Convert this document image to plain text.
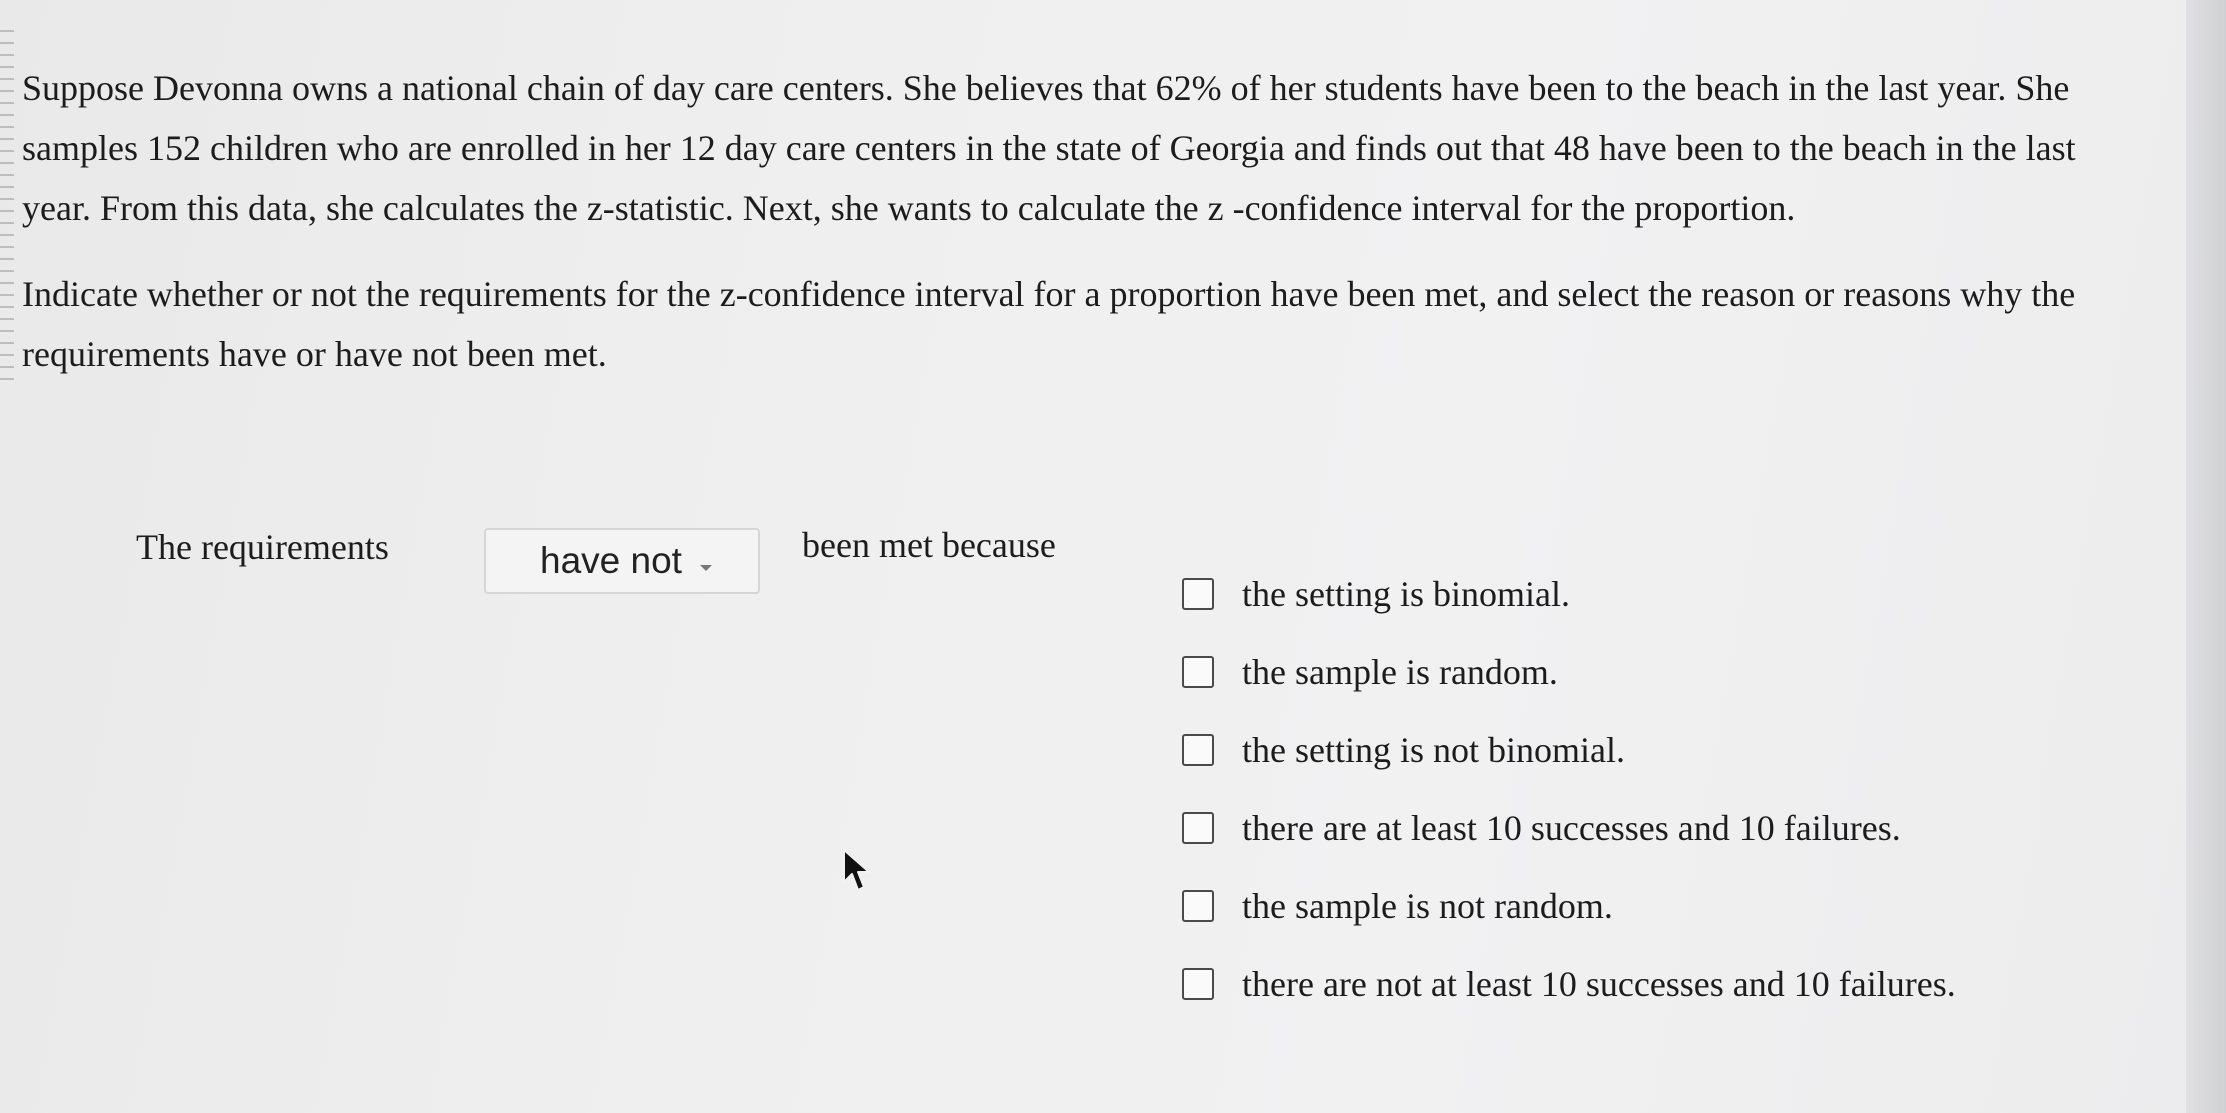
Suppose Devonna owns a national chain of day care centers. She believes that 62% of her students have been to the beach in the last year. She samples 152 children who are enrolled in her 12 day care centers in the state of Georgia and finds out that 48 have been to the beach in the last year. From this data, she calculates the z-statistic. Next, she wants to calculate the z -confidence interval for the proportion.

Indicate whether or not the requirements for the z-confidence interval for a proportion have been met, and select the reason or reasons why the requirements have or have not been met.

The requirements	have not	been met because
the setting is binomial.
the sample is random.
the setting is not binomial.
there are at least 10 successes and 10 failures.
the sample is not random.
there are not at least 10 successes and 10 failures.
